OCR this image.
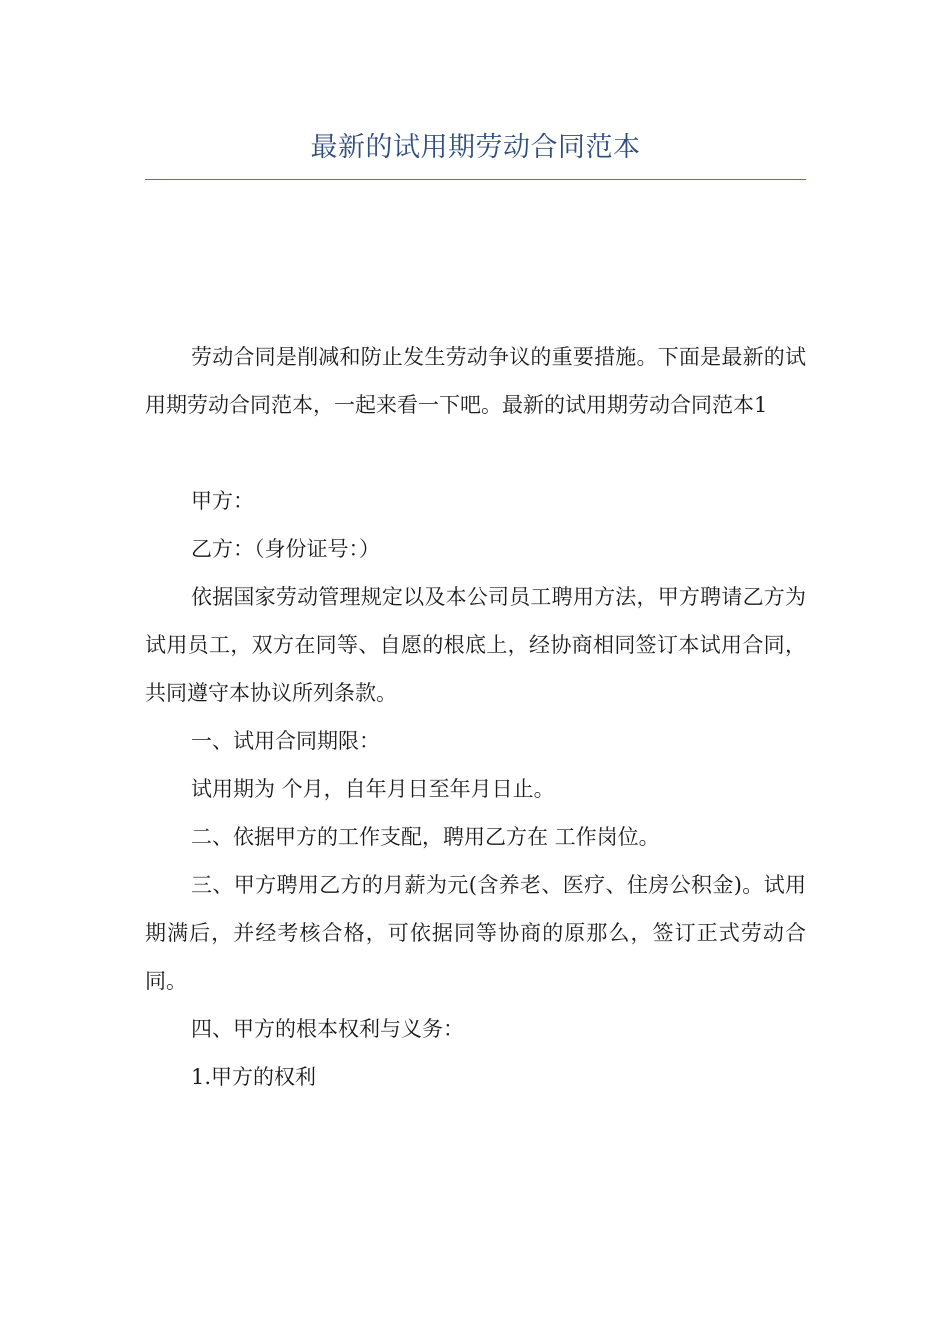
最新的试用期劳动合同范本

劳动合同是削减和防止发生劳动争议的重要措施。下面是最新的试用期劳动合同范本，一起来看一下吧。最新的试用期劳动合同范本1

甲方：

乙方：（身份证号：）

依据国家劳动管理规定以及本公司员工聘用方法，甲方聘请乙方为试用员工，双方在同等、自愿的根底上，经协商相同签订本试用合同，共同遵守本协议所列条款。

一、试用合同期限：

试用期为 个月，自年月日至年月日止。

二、依据甲方的工作支配，聘用乙方在 工作岗位。

三、甲方聘用乙方的月薪为元(含养老、医疗、住房公积金)。试用期满后，并经考核合格，可依据同等协商的原那么，签订正式劳动合同。

四、甲方的根本权利与义务：

1.甲方的权利
